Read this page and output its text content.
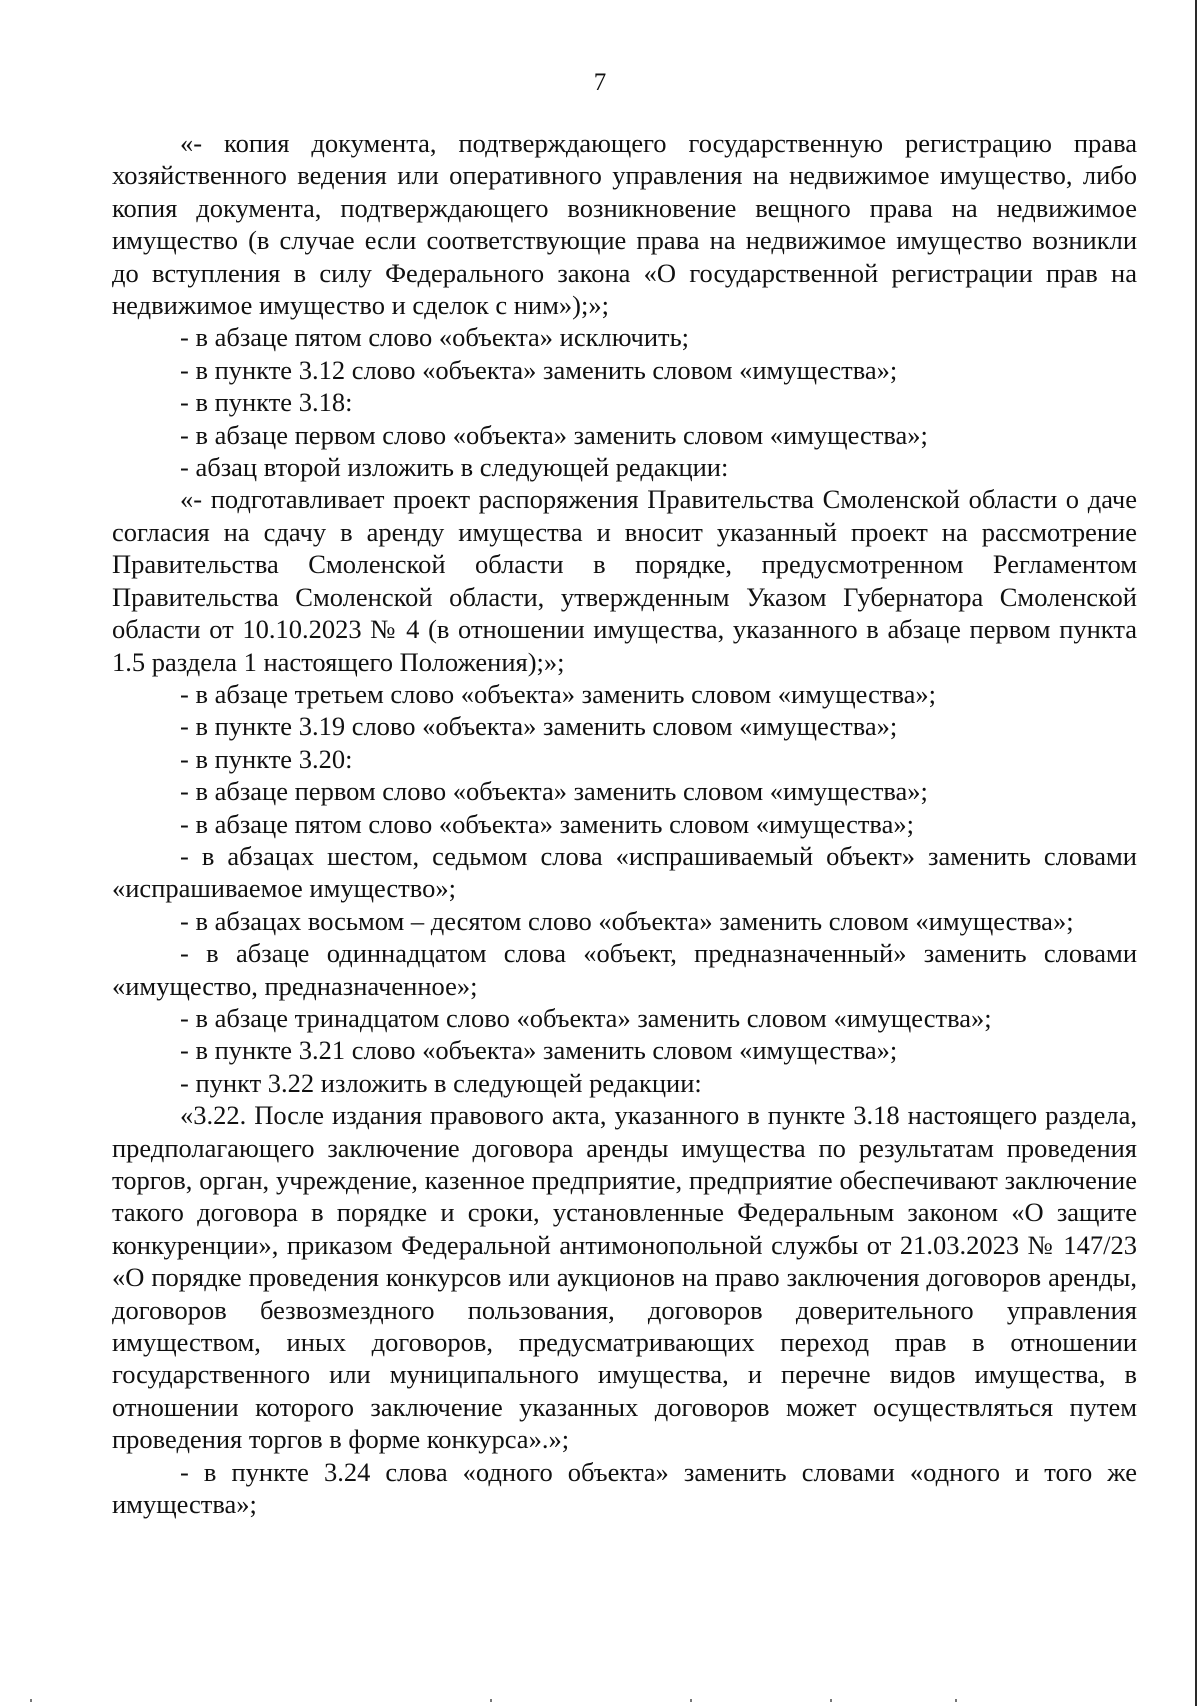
7

«- копия документа, подтверждающего государственную регистрацию права хозяйственного ведения или оперативного управления на недвижимое имущество, либо копия документа, подтверждающего возникновение вещного права на недвижимое имущество (в случае если соответствующие права на недвижимое имущество возникли до вступления в силу Федерального закона «О государственной регистрации прав на недвижимое имущество и сделок с ним»);»;

- в абзаце пятом слово «объекта» исключить;

- в пункте 3.12 слово «объекта» заменить словом «имущества»;

- в пункте 3.18:

- в абзаце первом слово «объекта» заменить словом «имущества»;

- абзац второй изложить в следующей редакции:

«- подготавливает проект распоряжения Правительства Смоленской области о даче согласия на сдачу в аренду имущества и вносит указанный проект на рассмотрение Правительства Смоленской области в порядке, предусмотренном Регламентом Правительства Смоленской области, утвержденным Указом Губернатора Смоленской области от 10.10.2023 № 4 (в отношении имущества, указанного в абзаце первом пункта 1.5 раздела 1 настоящего Положения);»;

- в абзаце третьем слово «объекта» заменить словом «имущества»;

- в пункте 3.19 слово «объекта» заменить словом «имущества»;

- в пункте 3.20:

- в абзаце первом слово «объекта» заменить словом «имущества»;

- в абзаце пятом слово «объекта» заменить словом «имущества»;

- в абзацах шестом, седьмом слова «испрашиваемый объект» заменить словами «испрашиваемое имущество»;

- в абзацах восьмом – десятом слово «объекта» заменить словом «имущества»;

- в абзаце одиннадцатом слова «объект, предназначенный» заменить словами «имущество, предназначенное»;

- в абзаце тринадцатом слово «объекта» заменить словом «имущества»;

- в пункте 3.21 слово «объекта» заменить словом «имущества»;

- пункт 3.22 изложить в следующей редакции:

«3.22. После издания правового акта, указанного в пункте 3.18 настоящего раздела, предполагающего заключение договора аренды имущества по результатам проведения торгов, орган, учреждение, казенное предприятие, предприятие обеспечивают заключение такого договора в порядке и сроки, установленные Федеральным законом «О защите конкуренции», приказом Федеральной антимонопольной службы от 21.03.2023 № 147/23 «О порядке проведения конкурсов или аукционов на право заключения договоров аренды, договоров безвозмездного пользования, договоров доверительного управления имуществом, иных договоров, предусматривающих переход прав в отношении государственного или муниципального имущества, и перечне видов имущества, в отношении которого заключение указанных договоров может осуществляться путем проведения торгов в форме конкурса».»;

- в пункте 3.24 слова «одного объекта» заменить словами «одного и того же имущества»;
